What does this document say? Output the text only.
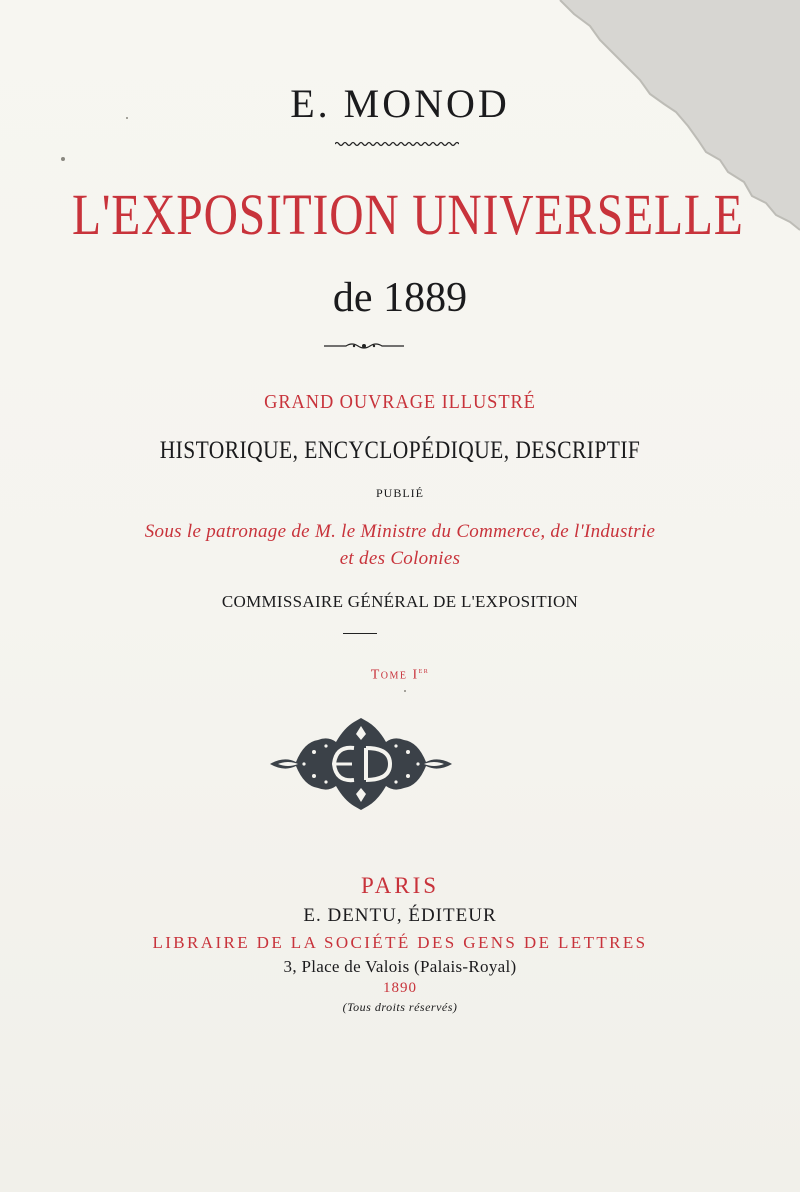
E. MONOD
L'EXPOSITION UNIVERSELLE
de 1889
GRAND OUVRAGE ILLUSTRÉ
HISTORIQUE, ENCYCLOPÉDIQUE, DESCRIPTIF
PUBLIÉ
Sous le patronage de M. le Ministre du Commerce, de l'Industrie
et des Colonies
COMMISSAIRE GÉNÉRAL DE L'EXPOSITION
Tome Ier
PARIS
E. DENTU, ÉDITEUR
LIBRAIRE DE LA SOCIÉTÉ DES GENS DE LETTRES
3, Place de Valois (Palais-Royal)
1890
(Tous droits réservés)
